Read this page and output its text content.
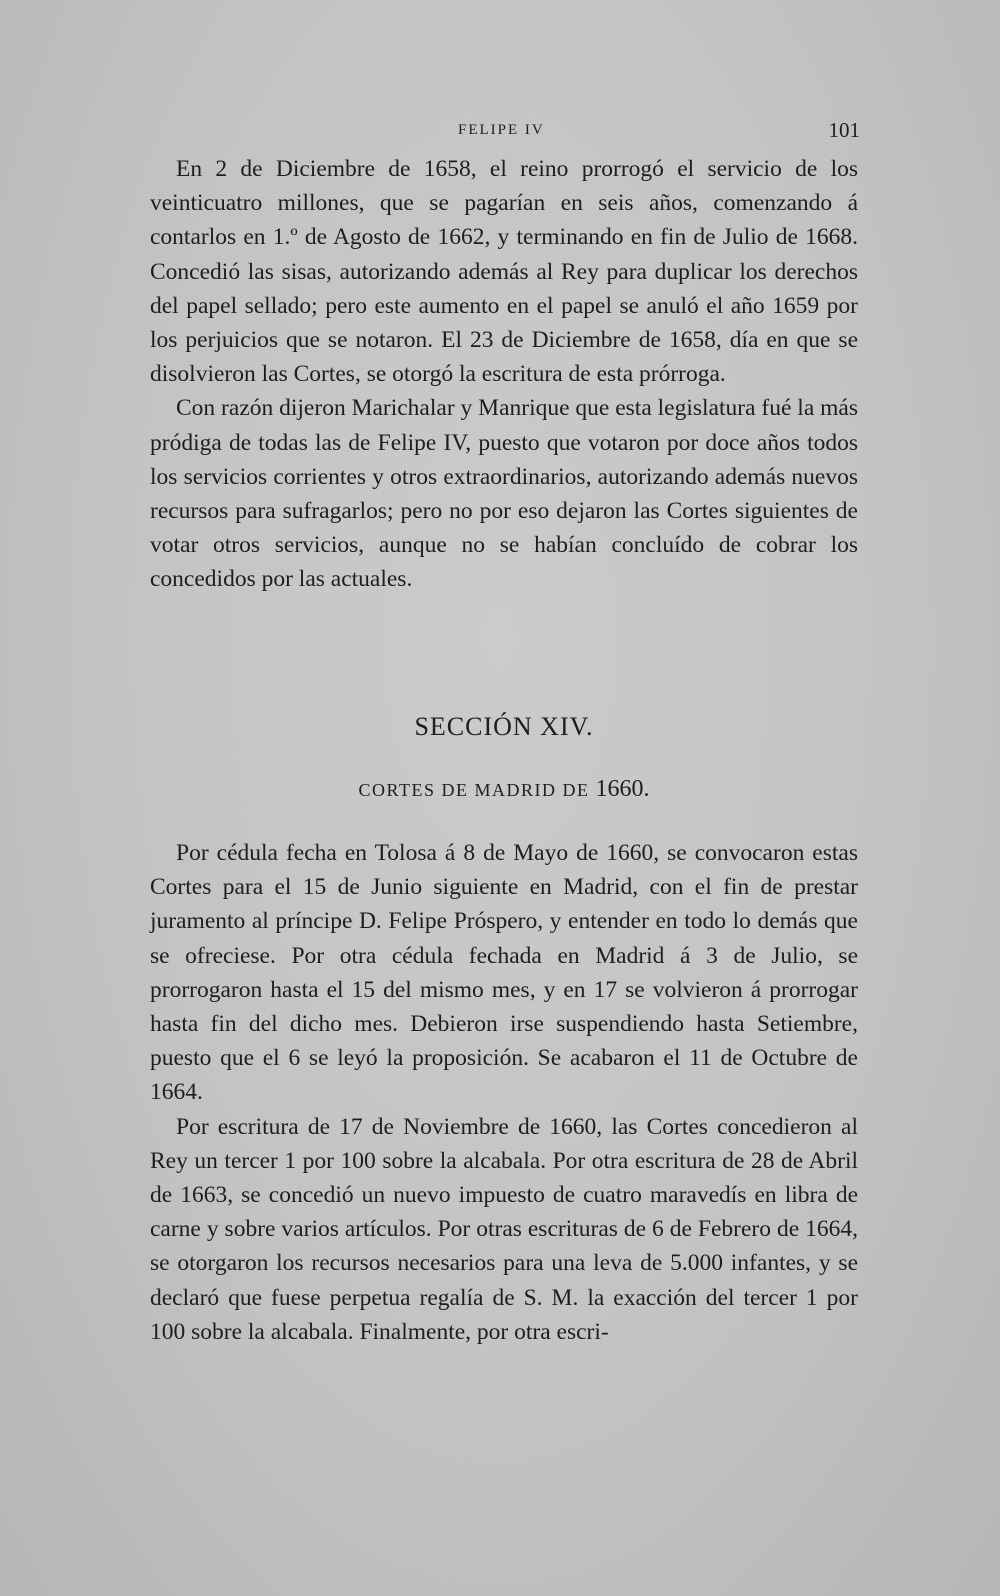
FELIPE IV	101

En 2 de Diciembre de 1658, el reino prorrogó el servicio de los veinticuatro millones, que se pagarían en seis años, comenzando á contarlos en 1.º de Agosto de 1662, y terminando en fin de Julio de 1668. Concedió las sisas, autorizando además al Rey para duplicar los derechos del papel sellado; pero este aumento en el papel se anuló el año 1659 por los perjuicios que se notaron. El 23 de Diciembre de 1658, día en que se disolvieron las Cortes, se otorgó la escritura de esta prórroga.

Con razón dijeron Marichalar y Manrique que esta legislatura fué la más pródiga de todas las de Felipe IV, puesto que votaron por doce años todos los servicios corrientes y otros extraordinarios, autorizando además nuevos recursos para sufragarlos; pero no por eso dejaron las Cortes siguientes de votar otros servicios, aunque no se habían concluído de cobrar los concedidos por las actuales.

SECCIÓN XIV.
CORTES DE MADRID DE 1660.

Por cédula fecha en Tolosa á 8 de Mayo de 1660, se convocaron estas Cortes para el 15 de Junio siguiente en Madrid, con el fin de prestar juramento al príncipe D. Felipe Próspero, y entender en todo lo demás que se ofreciese. Por otra cédula fechada en Madrid á 3 de Julio, se prorrogaron hasta el 15 del mismo mes, y en 17 se volvieron á prorrogar hasta fin del dicho mes. Debieron irse suspendiendo hasta Setiembre, puesto que el 6 se leyó la proposición. Se acabaron el 11 de Octubre de 1664.

Por escritura de 17 de Noviembre de 1660, las Cortes concedieron al Rey un tercer 1 por 100 sobre la alcabala. Por otra escritura de 28 de Abril de 1663, se concedió un nuevo impuesto de cuatro maravedís en libra de carne y sobre varios artículos. Por otras escrituras de 6 de Febrero de 1664, se otorgaron los recursos necesarios para una leva de 5.000 infantes, y se declaró que fuese perpetua regalía de S. M. la exacción del tercer 1 por 100 sobre la alcabala. Finalmente, por otra escri-
